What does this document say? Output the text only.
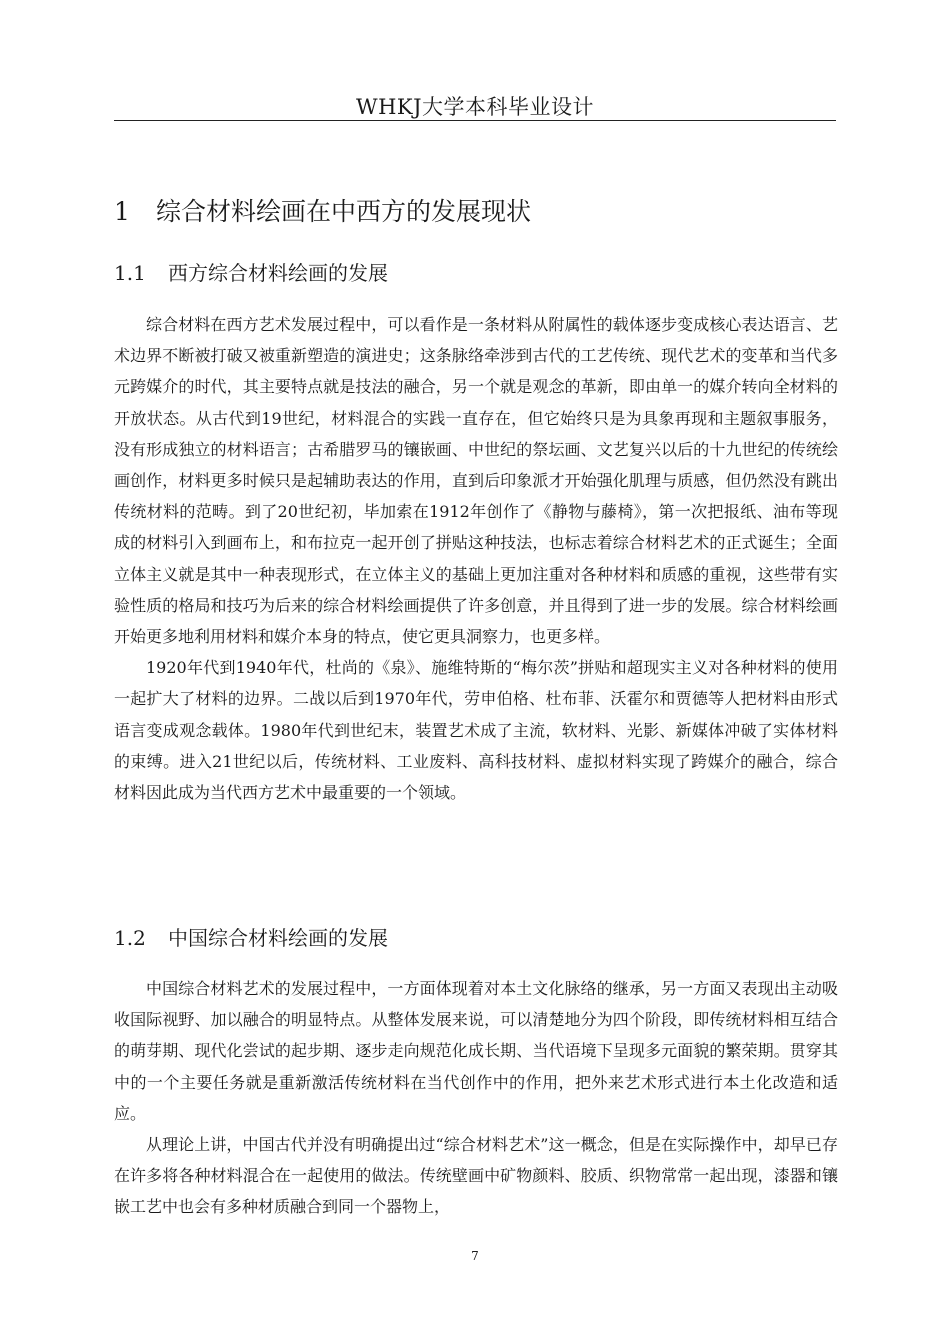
WHKJ大学本科毕业设计
1 综合材料绘画在中西方的发展现状
1.1 西方综合材料绘画的发展

综合材料在西方艺术发展过程中，可以看作是一条材料从附属性的载体逐步变成核心表达语言、艺术边界不断被打破又被重新塑造的演进史；这条脉络牵涉到古代的工艺传统、现代艺术的变革和当代多元跨媒介的时代，其主要特点就是技法的融合，另一个就是观念的革新，即由单一的媒介转向全材料的开放状态。从古代到19世纪，材料混合的实践一直存在，但它始终只是为具象再现和主题叙事服务，没有形成独立的材料语言；古希腊罗马的镶嵌画、中世纪的祭坛画、文艺复兴以后的十九世纪的传统绘画创作，材料更多时候只是起辅助表达的作用，直到后印象派才开始强化肌理与质感，但仍然没有跳出传统材料的范畴。到了20世纪初，毕加索在1912年创作了《静物与藤椅》，第一次把报纸、油布等现成的材料引入到画布上，和布拉克一起开创了拼贴这种技法，也标志着综合材料艺术的正式诞生；全面立体主义就是其中一种表现形式，在立体主义的基础上更加注重对各种材料和质感的重视，这些带有实验性质的格局和技巧为后来的综合材料绘画提供了许多创意，并且得到了进一步的发展。综合材料绘画开始更多地利用材料和媒介本身的特点，使它更具洞察力，也更多样。

1920年代到1940年代，杜尚的《泉》、施维特斯的“梅尔茨”拼贴和超现实主义对各种材料的使用一起扩大了材料的边界。二战以后到1970年代，劳申伯格、杜布菲、沃霍尔和贾德等人把材料由形式语言变成观念载体。1980年代到世纪末，装置艺术成了主流，软材料、光影、新媒体冲破了实体材料的束缚。进入21世纪以后，传统材料、工业废料、高科技材料、虚拟材料实现了跨媒介的融合，综合材料因此成为当代西方艺术中最重要的一个领域。

1.2 中国综合材料绘画的发展

中国综合材料艺术的发展过程中，一方面体现着对本土文化脉络的继承，另一方面又表现出主动吸收国际视野、加以融合的明显特点。从整体发展来说，可以清楚地分为四个阶段，即传统材料相互结合的萌芽期、现代化尝试的起步期、逐步走向规范化成长期、当代语境下呈现多元面貌的繁荣期。贯穿其中的一个主要任务就是重新激活传统材料在当代创作中的作用，把外来艺术形式进行本土化改造和适应。

从理论上讲，中国古代并没有明确提出过“综合材料艺术”这一概念，但是在实际操作中，却早已存在许多将各种材料混合在一起使用的做法。传统壁画中矿物颜料、胶质、织物常常一起出现，漆器和镶嵌工艺中也会有多种材质融合到同一个器物上，

7
